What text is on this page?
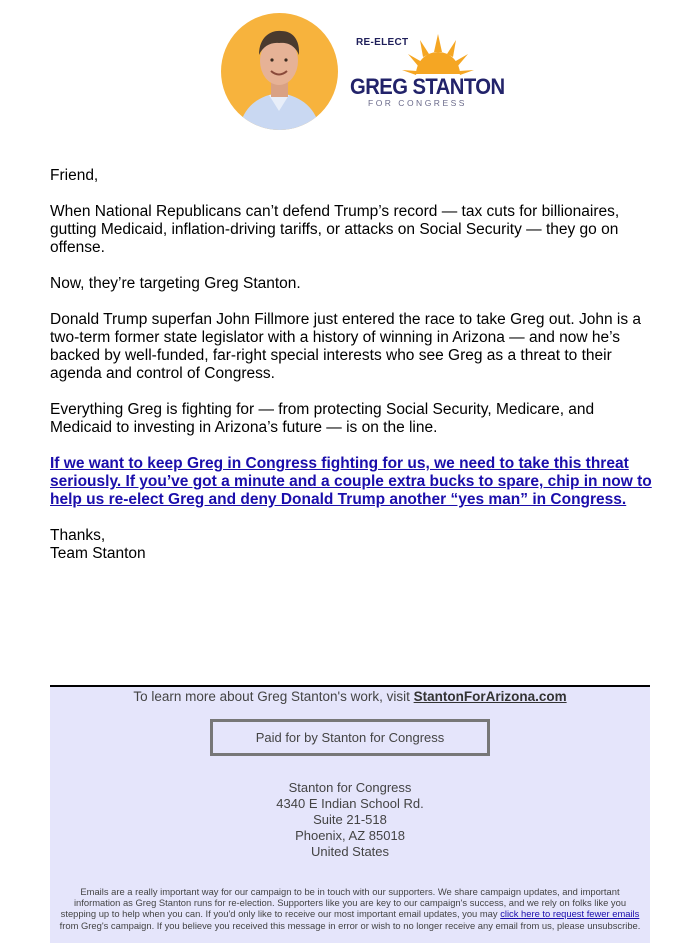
RE-ELECT
GREG STANTON
FOR CONGRESS

Friend,

When National Republicans can’t defend Trump’s record — tax cuts for billionaires, gutting Medicaid, inflation-driving tariffs, or attacks on Social Security — they go on offense.

Now, they’re targeting Greg Stanton.

Donald Trump superfan John Fillmore just entered the race to take Greg out. John is a two-term former state legislator with a history of winning in Arizona — and now he’s backed by well-funded, far-right special interests who see Greg as a threat to their agenda and control of Congress.

Everything Greg is fighting for — from protecting Social Security, Medicare, and Medicaid to investing in Arizona’s future — is on the line.

If we want to keep Greg in Congress fighting for us, we need to take this threat seriously. If you’ve got a minute and a couple extra bucks to spare, chip in now to help us re-elect Greg and deny Donald Trump another “yes man” in Congress.

Thanks,

Team Stanton

To learn more about Greg Stanton's work, visit StantonForArizona.com
Paid for by Stanton for Congress
Stanton for Congress
4340 E Indian School Rd.
Suite 21-518
Phoenix, AZ 85018
United States
Emails are a really important way for our campaign to be in touch with our supporters. We share campaign updates, and important information as Greg Stanton runs for re-election. Supporters like you are key to our campaign's success, and we rely on folks like you stepping up to help when you can. If you'd only like to receive our most important email updates, you may click here to request fewer emails from Greg's campaign. If you believe you received this message in error or wish to no longer receive any email from us, please unsubscribe.
